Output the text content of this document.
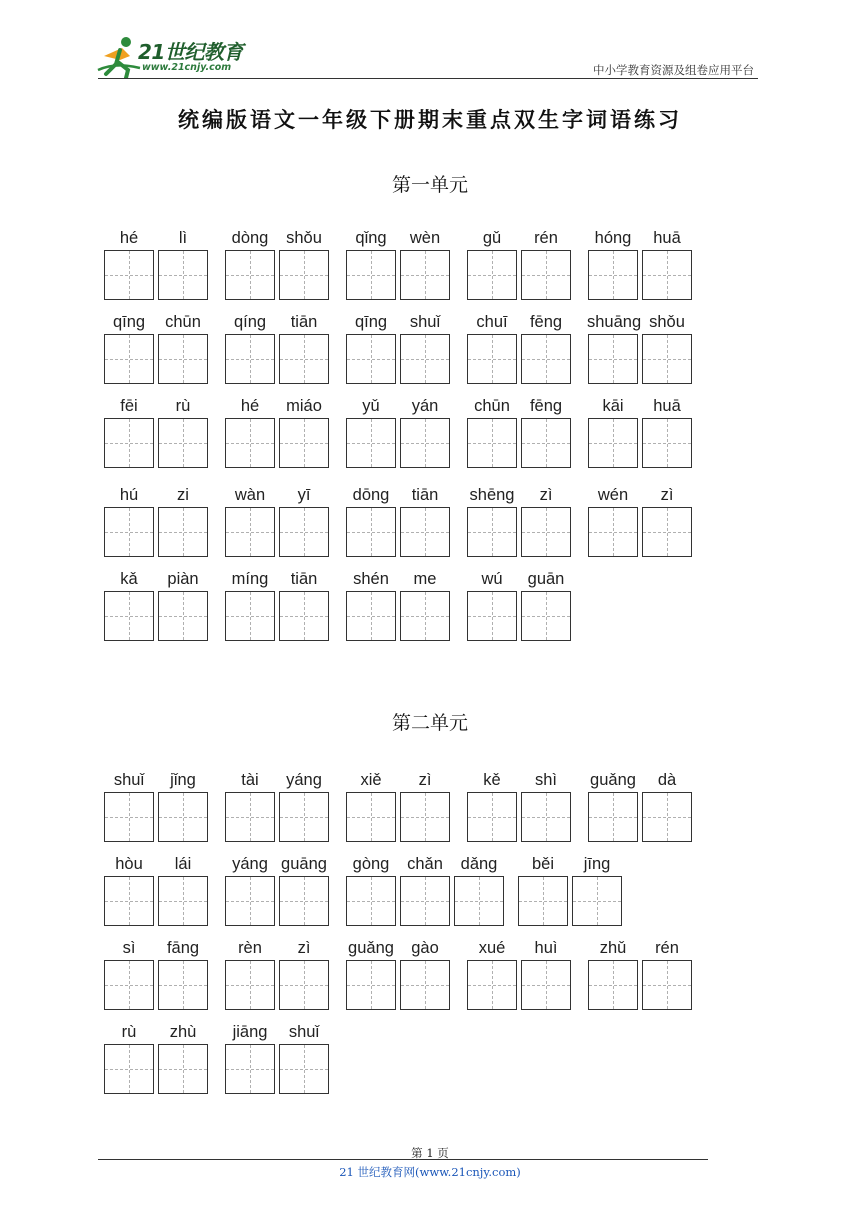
21世纪教育
www.21cnjy.com	中小学教育资源及组卷应用平台
统编版语文一年级下册期末重点双生字词语练习
第一单元
hé	lì	dòng	shǒu	qǐng	wèn	gǔ	rén	hóng	huā
qīng	chūn	qíng	tiān	qīng	shuǐ	chuī	fēng	shuāng shǒu
fēi	rù	hé	miáo	yǔ	yán	chūn	fēng	kāi	huā
hú	zi	wàn	yī	dōng	tiān	shēng	zì	wén	zì
kǎ	piàn	míng	tiān	shén	me	wú	guān
第二单元
shuǐ	jǐng	tài	yáng	xiě	zì	kě	shì	guǎng	dà
hòu	lái	yáng guāng	gòng	chǎn	dǎng	běi	jīng
sì	fāng	rèn	zì	guǎng	gào	xué	huì	zhǔ	rén
rù	zhù	jiāng	shuǐ
第 1 页
21 世纪教育网(www.21cnjy.com)
